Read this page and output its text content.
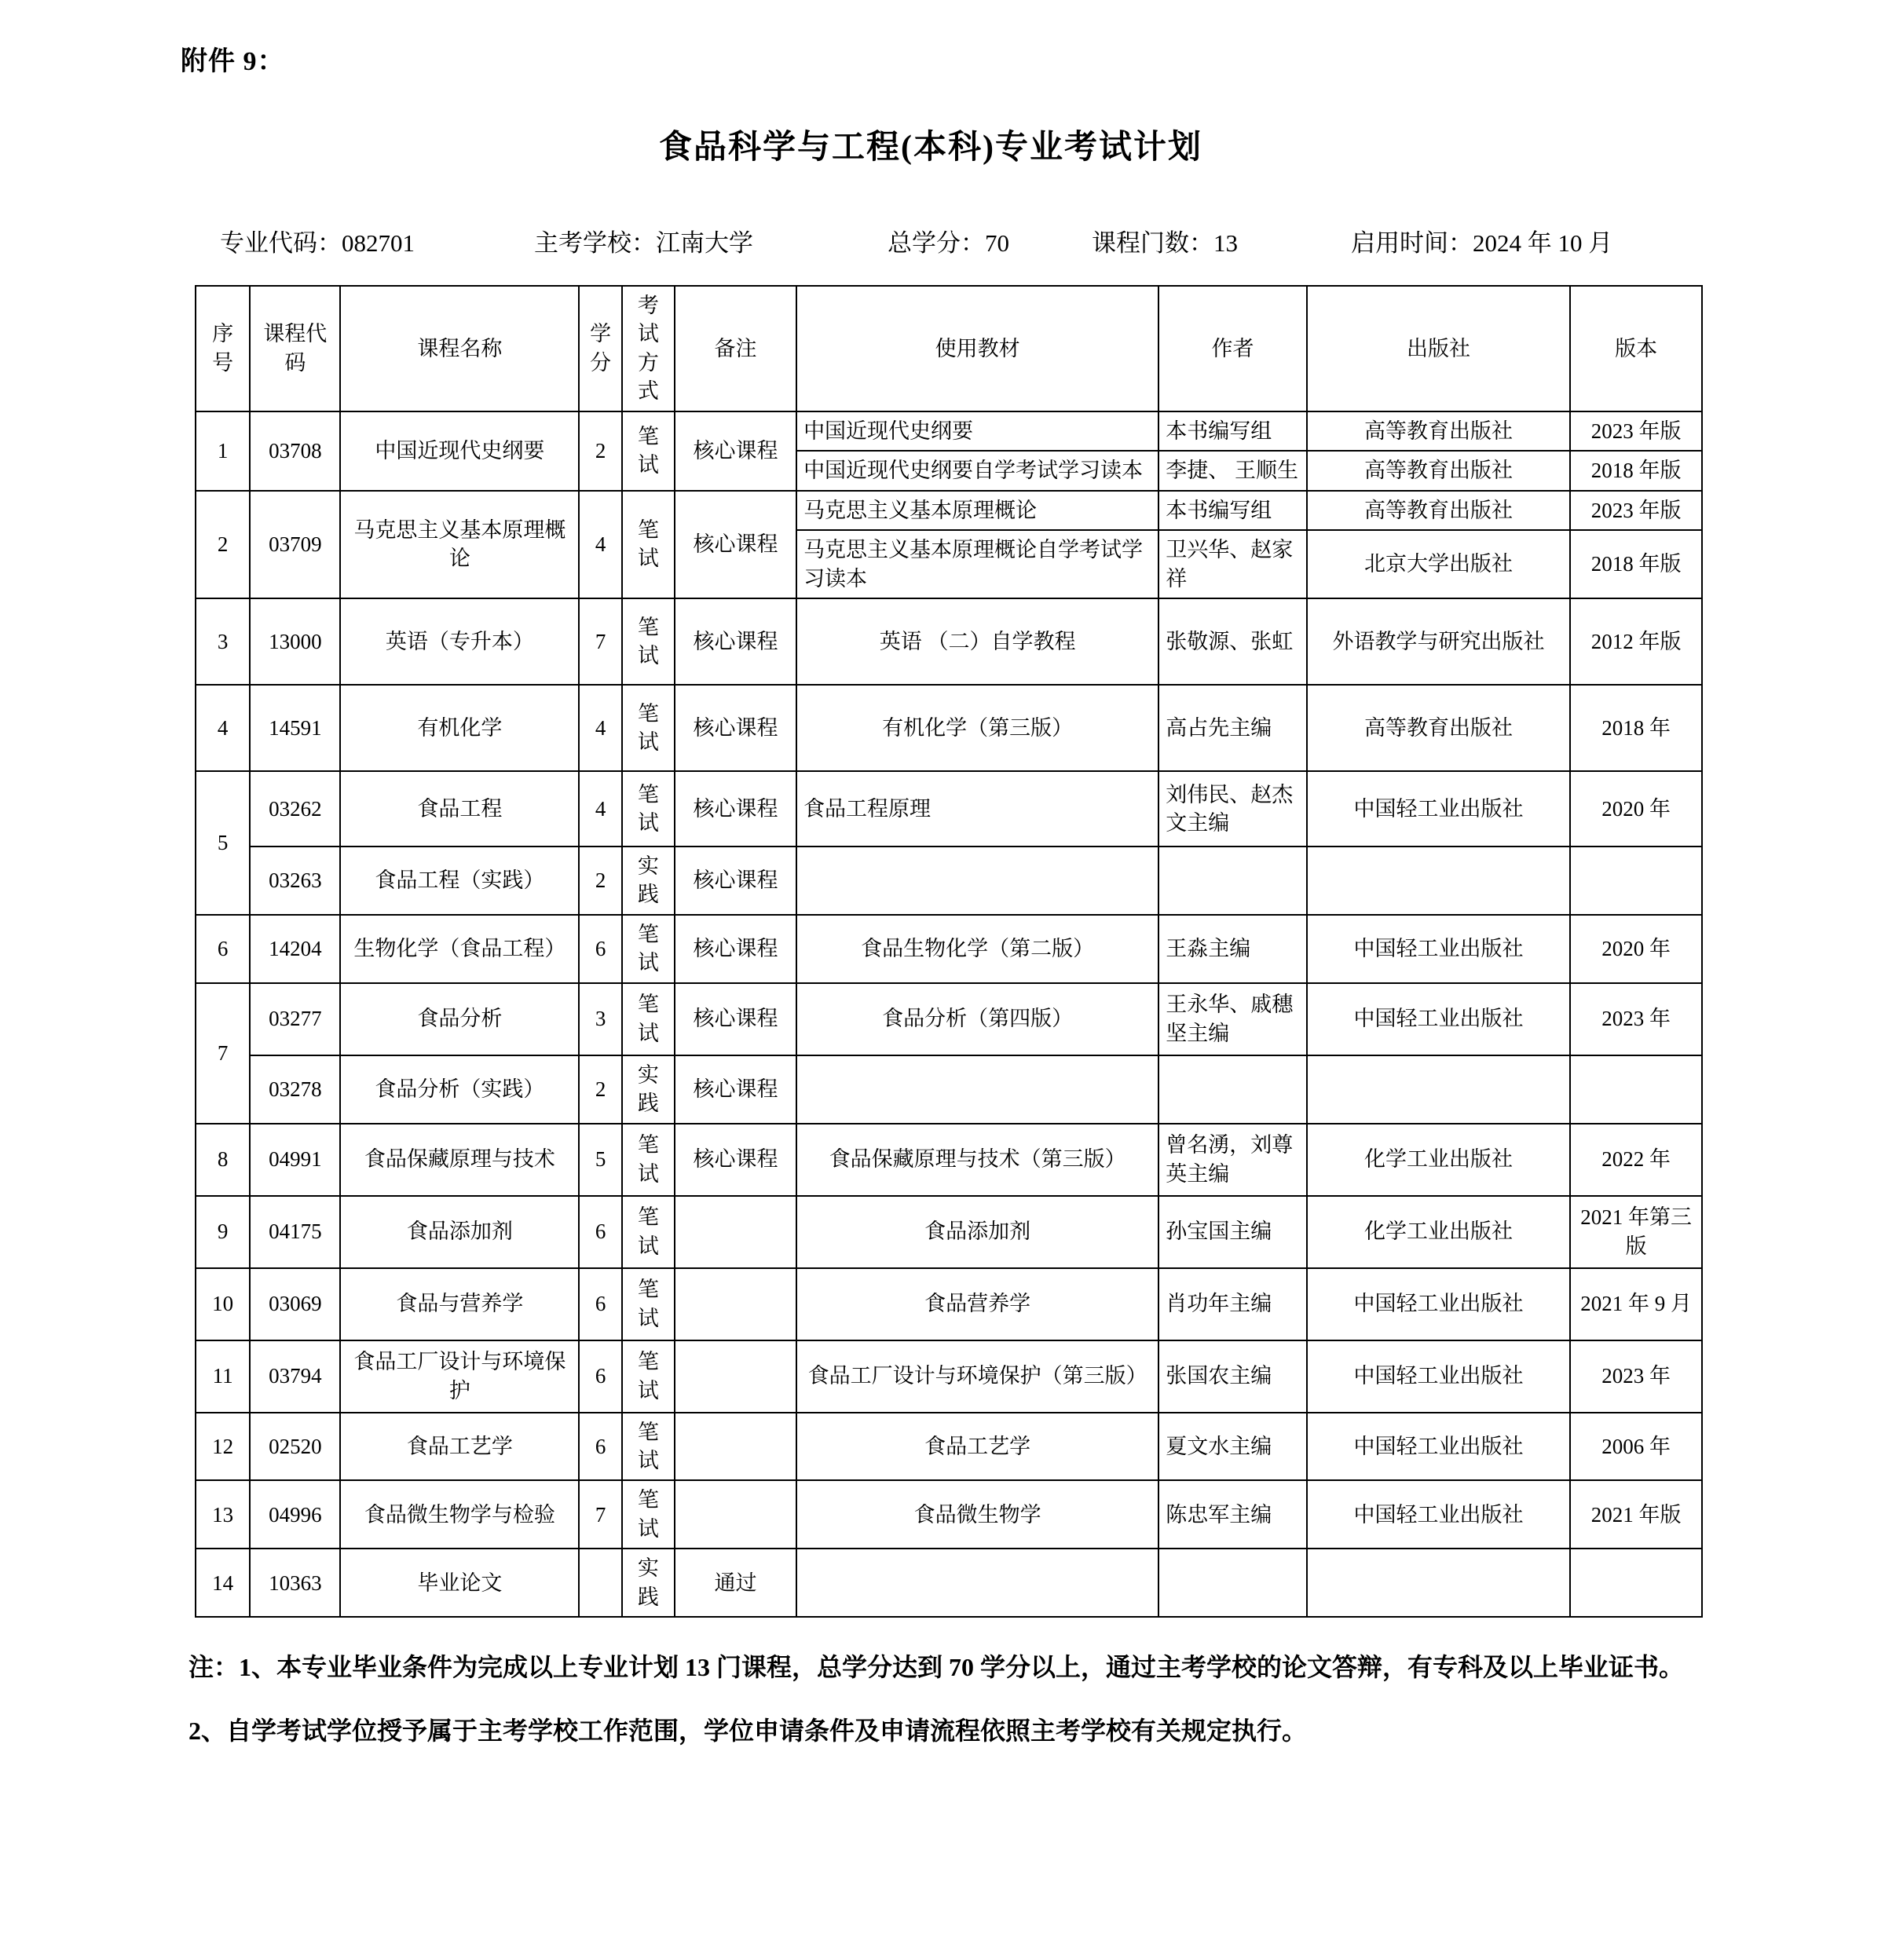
附件 9：
食品科学与工程(本科)专业考试计划
专业代码：082701	主考学校：江南大学	总学分：70	课程门数：13	启用时间：2024 年 10 月
序号	课程代码	课程名称	学分	考试方式	备注	使用教材	作者	出版社	版本
1	03708	中国近现代史纲要	2	笔试	核心课程	中国近现代史纲要	本书编写组	高等教育出版社	2023 年版
						中国近现代史纲要自学考试学习读本	李捷、 王顺生	高等教育出版社	2018 年版
2	03709	马克思主义基本原理概论	4	笔试	核心课程	马克思主义基本原理概论	本书编写组	高等教育出版社	2023 年版
						马克思主义基本原理概论自学考试学习读本	卫兴华、赵家祥	北京大学出版社	2018 年版
3	13000	英语（专升本）	7	笔试	核心课程	英语 （二）自学教程	张敬源、张虹	外语教学与研究出版社	2012 年版
4	14591	有机化学	4	笔试	核心课程	有机化学（第三版）	高占先主编	高等教育出版社	2018 年
5	03262	食品工程	4	笔试	核心课程	食品工程原理	刘伟民、赵杰文主编	中国轻工业出版社	2020 年
	03263	食品工程（实践）	2	实践	核心课程				
6	14204	生物化学（食品工程）	6	笔试	核心课程	食品生物化学（第二版）	王淼主编	中国轻工业出版社	2020 年
7	03277	食品分析	3	笔试	核心课程	食品分析（第四版）	王永华、戚穗坚主编	中国轻工业出版社	2023 年
	03278	食品分析（实践）	2	实践	核心课程				
8	04991	食品保藏原理与技术	5	笔试	核心课程	食品保藏原理与技术（第三版）	曾名湧，刘尊英主编	化学工业出版社	2022 年
9	04175	食品添加剂	6	笔试		食品添加剂	孙宝国主编	化学工业出版社	2021 年第三版
10	03069	食品与营养学	6	笔试		食品营养学	肖功年主编	中国轻工业出版社	2021 年 9 月
11	03794	食品工厂设计与环境保护	6	笔试		食品工厂设计与环境保护（第三版）	张国农主编	中国轻工业出版社	2023 年
12	02520	食品工艺学	6	笔试		食品工艺学	夏文水主编	中国轻工业出版社	2006 年
13	04996	食品微生物学与检验	7	笔试		食品微生物学	陈忠军主编	中国轻工业出版社	2021 年版
14	10363	毕业论文		实践	通过				

注：1、本专业毕业条件为完成以上专业计划 13 门课程，总学分达到 70 学分以上，通过主考学校的论文答辩，有专科及以上毕业证书。

2、自学考试学位授予属于主考学校工作范围，学位申请条件及申请流程依照主考学校有关规定执行。
